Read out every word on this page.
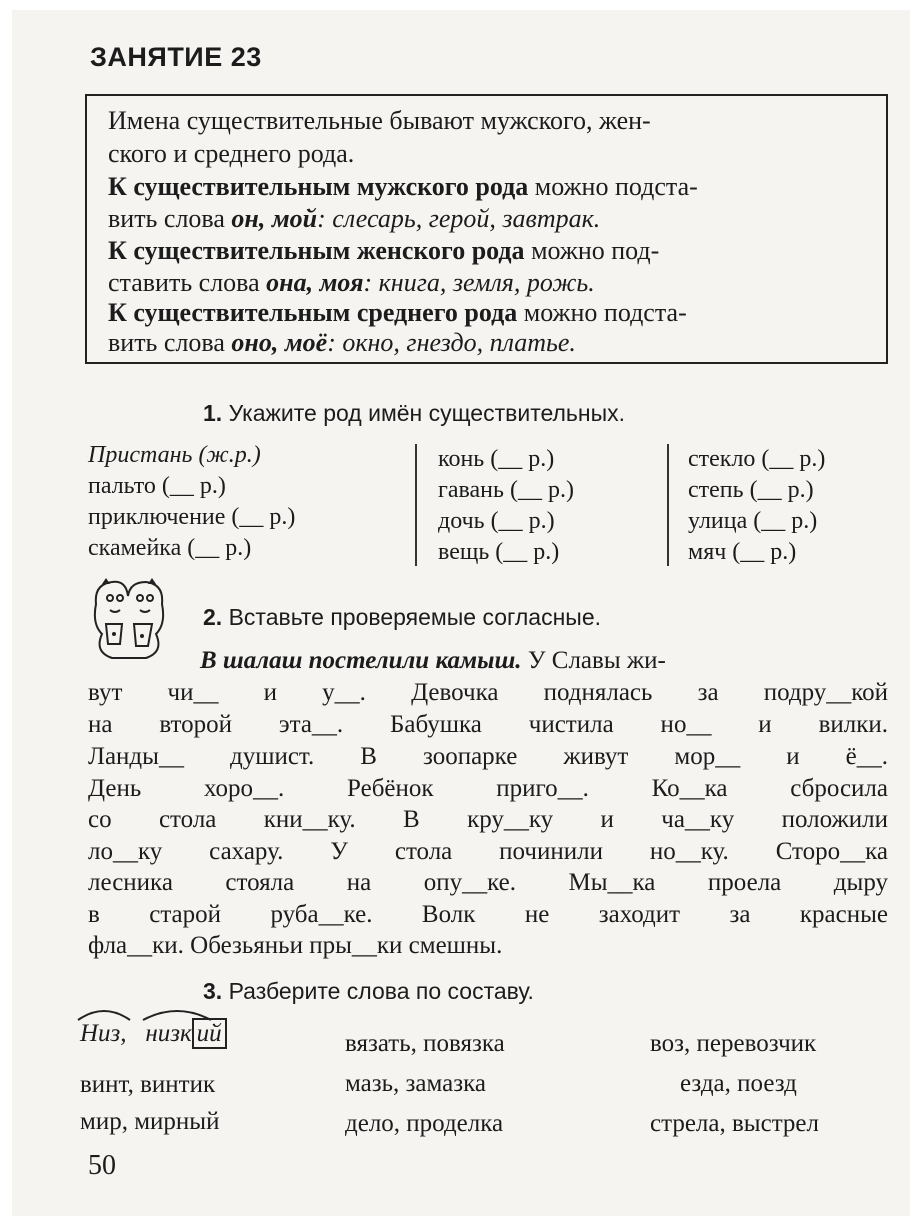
ЗАНЯТИЕ 23
Имена существительные бывают мужского, жен-
ского и среднего рода.
К существительным мужского рода можно подста-
вить слова он, мой: слесарь, герой, завтрак.
К существительным женского рода можно под-
ставить слова она, моя: книга, земля, рожь.
К существительным среднего рода можно подста-
вить слова оно, моё: окно, гнездо, платье.
1. Укажите род имён существительных.
Пристань (ж.р.)
пальто (__ р.)
приключение (__ р.)
скамейка (__ р.)
конь (__ р.)
гавань (__ р.)
дочь (__ р.)
вещь (__ р.)
стекло (__ р.)
степь (__ р.)
улица (__ р.)
мяч (__ р.)
2. Вставьте проверяемые согласные.
В шалаш постелили камыш. У Славы жи-
вут чи__ и у__. Девочка поднялась за подру__кой
на второй эта__. Бабушка чистила но__ и вилки.
Ланды__ душист. В зоопарке живут мор__ и ё__.
День хоро__. Ребёнок приго__. Ко__ка сбросила
со стола кни__ку. В кру__ку и ча__ку положили
ло__ку сахару. У стола починили но__ку. Сторо__ка
лесника стояла на опу__ке. Мы__ка проела дыру
в старой руба__ке. Волк не заходит за красные
фла__ки. Обезьяньи пры__ки смешны.
3. Разберите слова по составу.
Низ, низк ий
винт, винтик
мир, мирный
вязать, повязка
мазь, замазка
дело, проделка
воз, перевозчик
езда, поезд
стрела, выстрел
50
